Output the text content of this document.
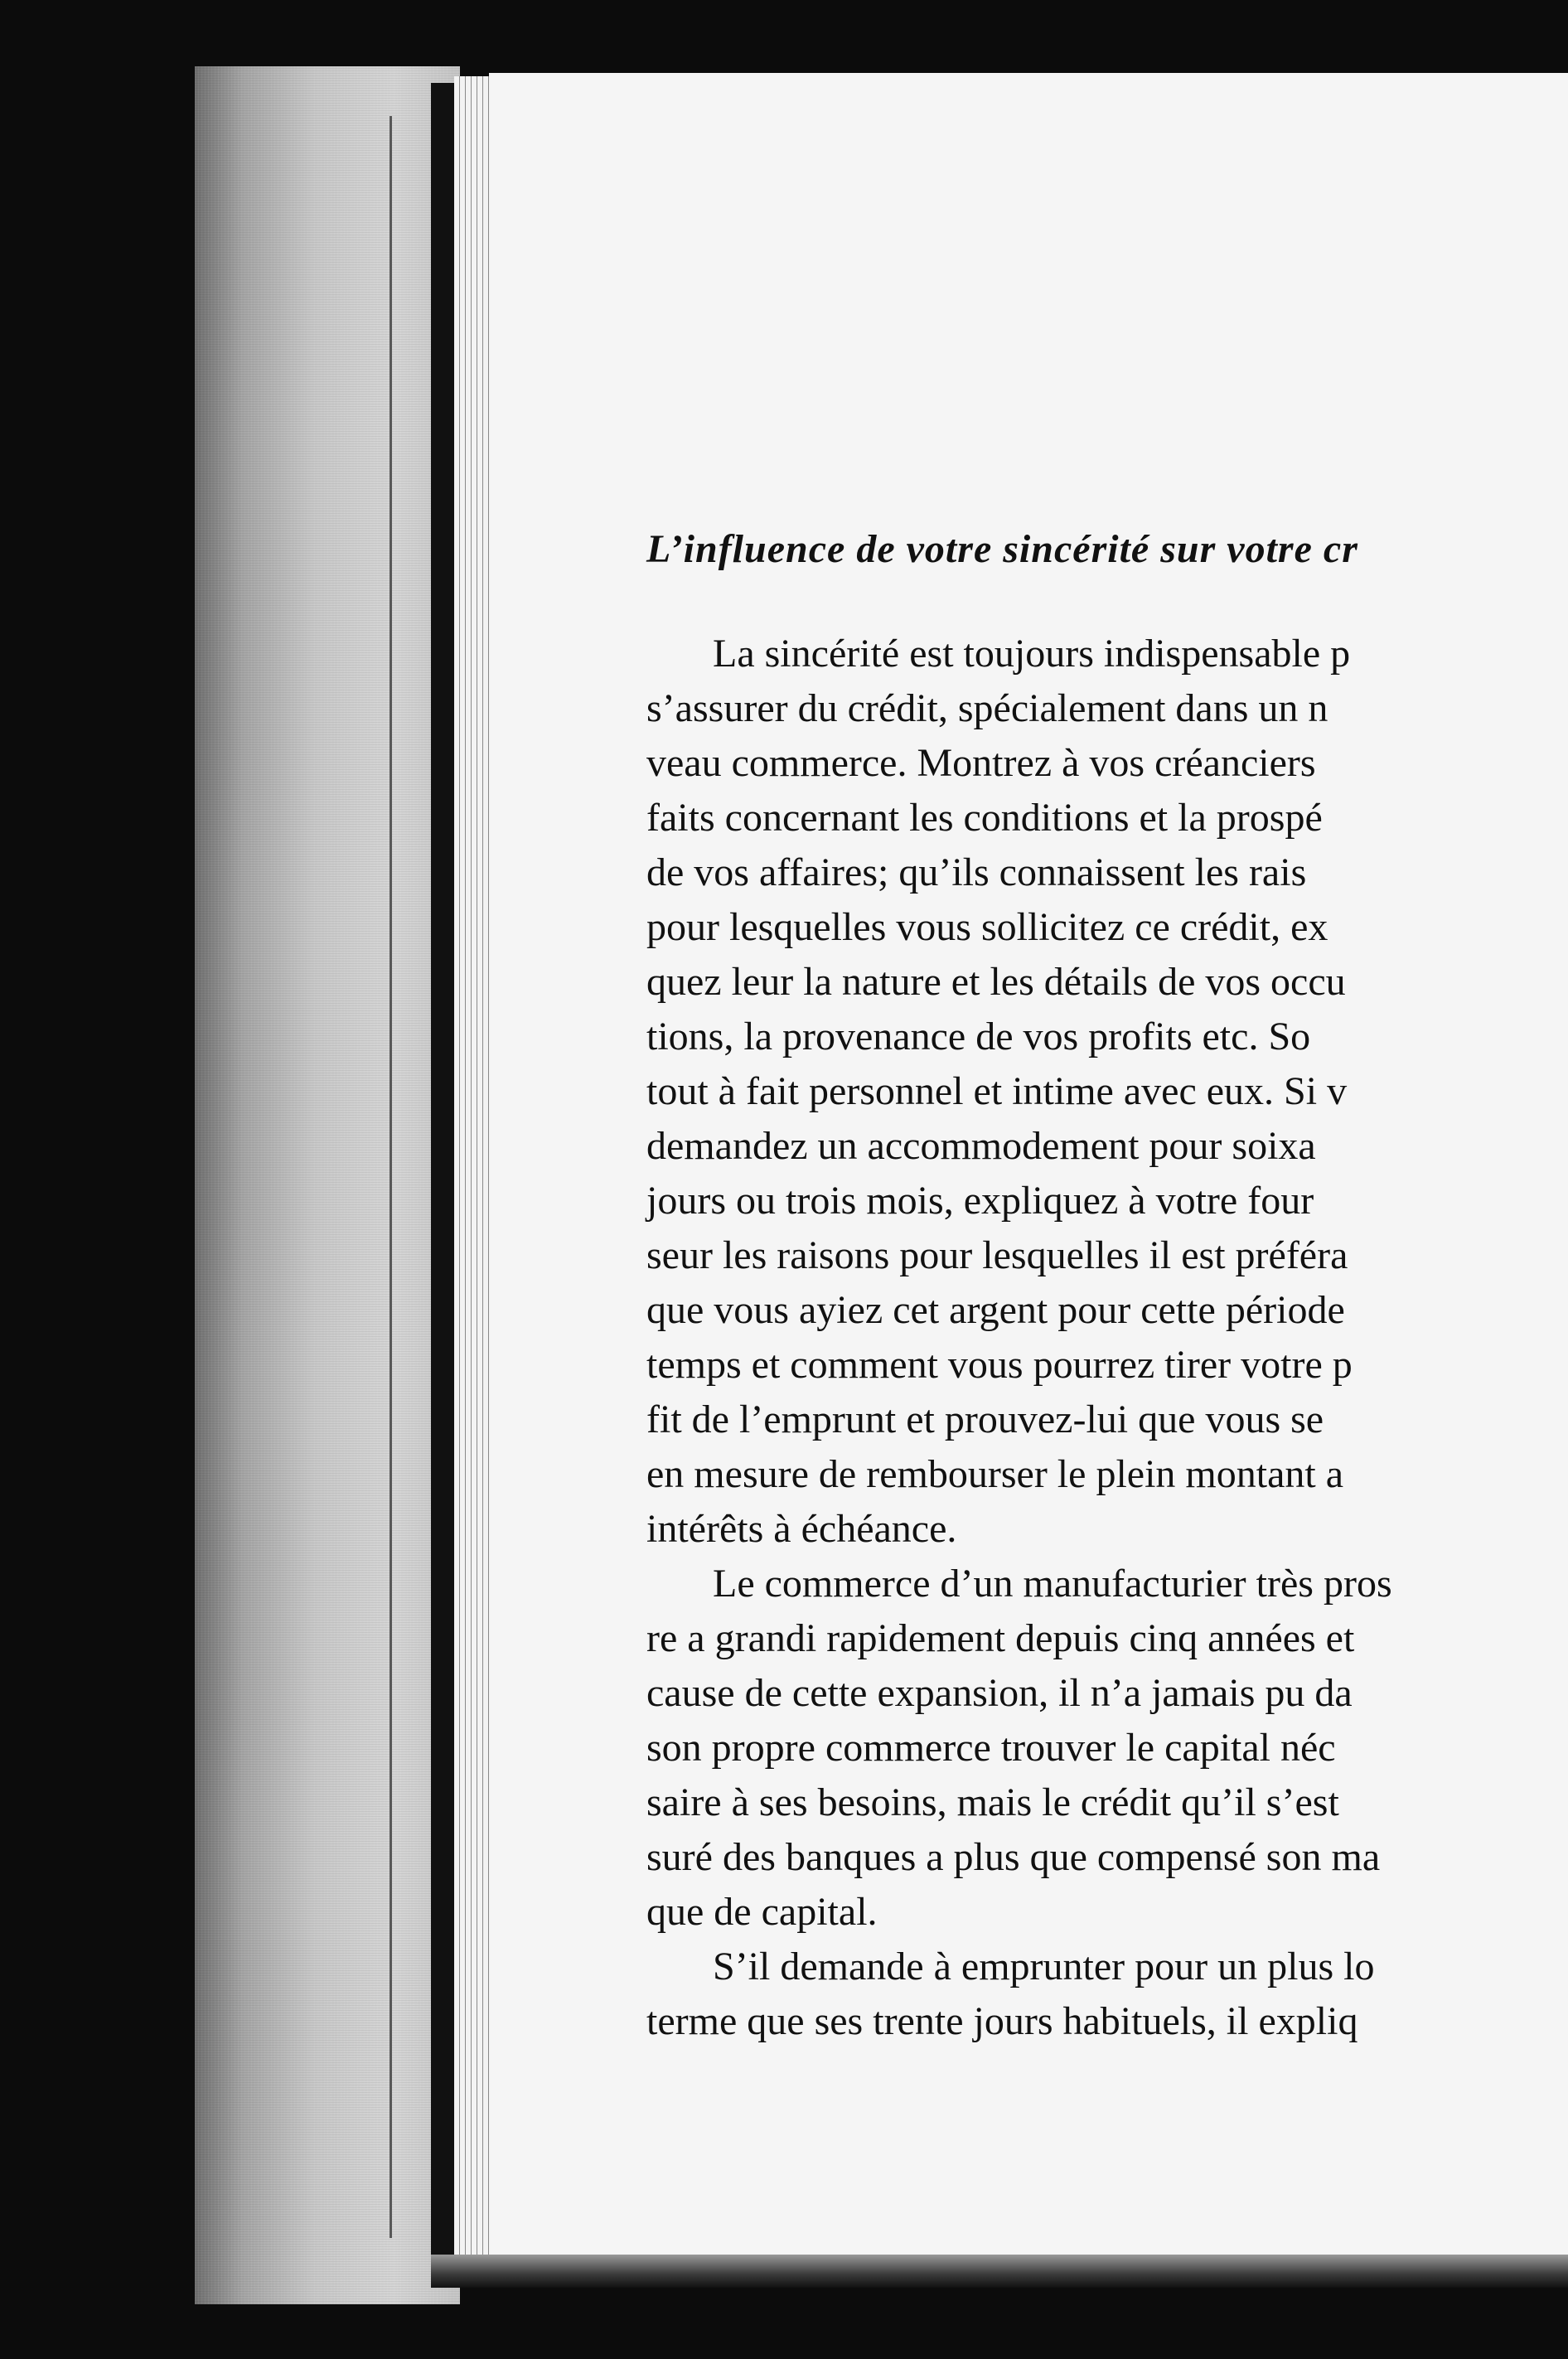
L’influence de votre sincérité sur votre cr
La sincérité est toujours indispensable p
s’assurer du crédit, spécialement dans un n
veau commerce. Montrez à vos créanciers
faits concernant les conditions et la prospé
de vos affaires; qu’ils connaissent les rais
pour lesquelles vous sollicitez ce crédit, ex
quez leur la nature et les détails de vos occu
tions, la provenance de vos profits etc. So
tout à fait personnel et intime avec eux. Si v
demandez un accommodement pour soixa
jours ou trois mois, expliquez à votre four
seur les raisons pour lesquelles il est préféra
que vous ayiez cet argent pour cette période
temps et comment vous pourrez tirer votre p
fit de l’emprunt et prouvez-lui que vous se
en mesure de rembourser le plein montant a
intérêts à échéance.
Le commerce d’un manufacturier très pros
re a grandi rapidement depuis cinq années et
cause de cette expansion, il n’a jamais pu da
son propre commerce trouver le capital néc
saire à ses besoins, mais le crédit qu’il s’est
suré des banques a plus que compensé son ma
que de capital.
S’il demande à emprunter pour un plus lo
terme que ses trente jours habituels, il expliq
